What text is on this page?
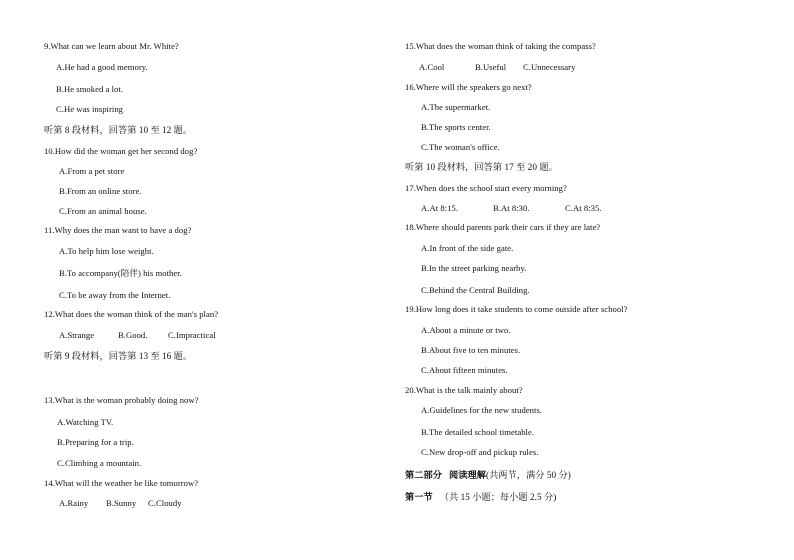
9.What can we learn about Mr. White?
A.He had a good memory.
B.He smoked a lot.
C.He was inspiring
听第 8 段材料，回答第 10 至 12 题。
10.How did the woman get her second dog?
A.From a pet store
B.From an online store.
C.From an animal house.
11.Why does the man want to have a dog?
A.To help him lose weight.
B.To accompany(陪伴) his mother.
C.To be away from the Internet.
12.What does the woman think of the man's plan?
A.Strange	B.Good. C.Impractical
听第 9 段材料，回答第 13 至 16 题。
13.What is the woman probably doing now?
A.Watching TV.
B.Preparing for a trip.
C.Climbing a mountain.
14.What will the weather be like tomorrow?
A.Rainy B.Sunny C.Cloudy
15.What does the woman think of taking the compass?
A.Cool	B.Useful C.Unnecessary
16.Where will the speakers go next?
A.The supermarket.
B.The sports center.
C.The woman's office.
听第 10 段材料，回答第 17 至 20 题。
17.When does the school start every morning?
A.At 8:15.	B.At 8:30.	C.At 8:35.
18.Where should parents park their cars if they are late?
A.In front of the side gate.
B.In the street parking nearby.
C.Behind the Central Building.
19.How long does it take students to come outside after school?
A.About a minute or two.
B.About five to ten minutes.
C.About fifteen minutes.
20.What is the talk mainly about?
A.Guidelines for the new students.
B.The detailed school timetable.
C.New drop-off and pickup rules.
第二部分 阅读理解(共两节，满分 50 分)
第一节 （共 15 小题；每小题 2.5 分)
